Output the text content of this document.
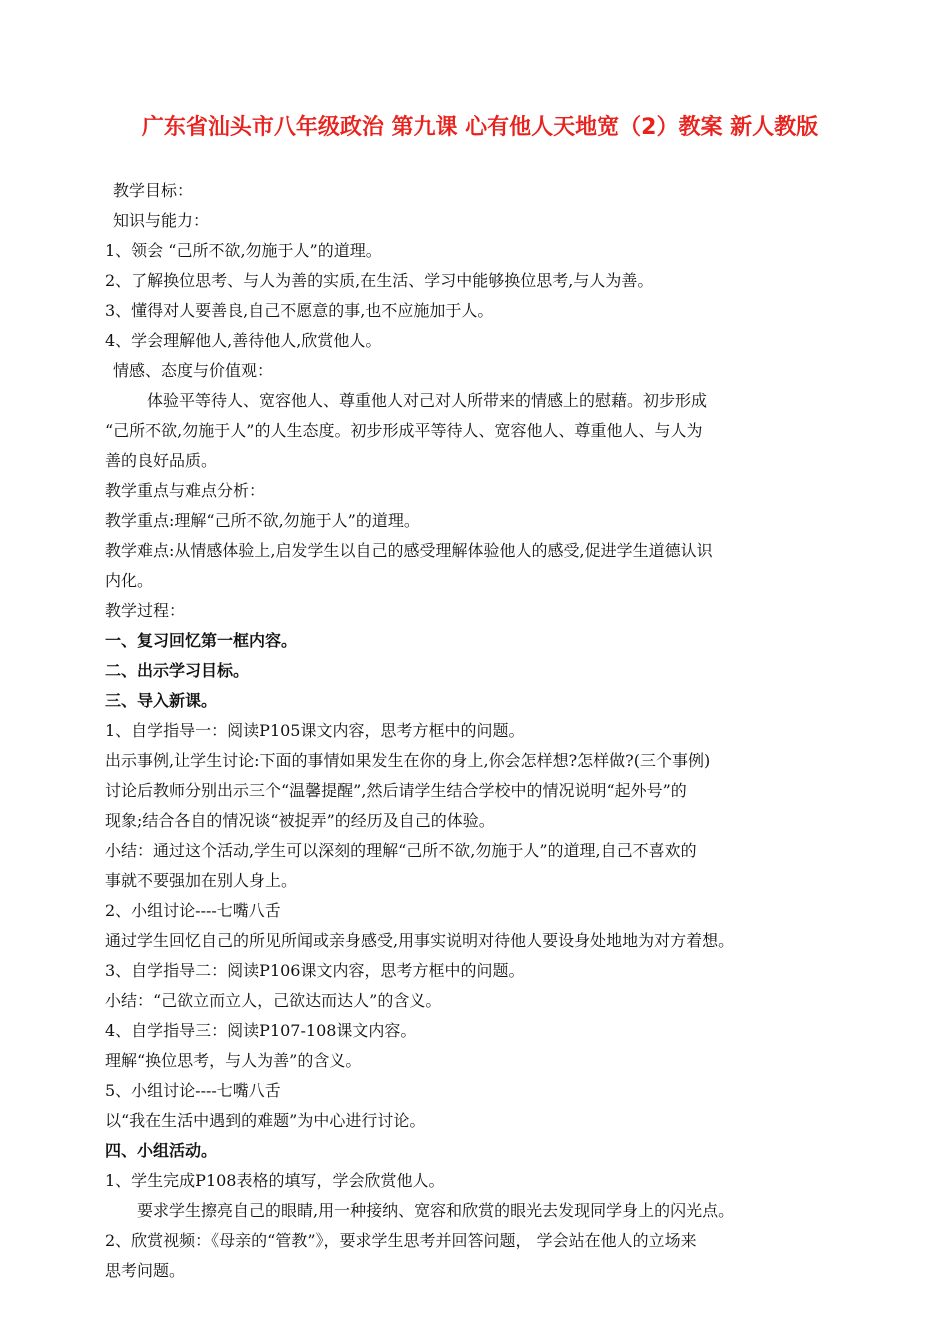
广东省汕头市八年级政治 第九课 心有他人天地宽（2）教案 新人教版
教学目标：
知识与能力：
1、领会 “己所不欲,勿施于人”的道理。
2、了解换位思考、与人为善的实质,在生活、学习中能够换位思考,与人为善。
3、懂得对人要善良,自己不愿意的事,也不应施加于人。
4、学会理解他人,善待他人,欣赏他人。
情感、态度与价值观：
体验平等待人、宽容他人、尊重他人对己对人所带来的情感上的慰藉。初步形成
“己所不欲,勿施于人”的人生态度。初步形成平等待人、宽容他人、尊重他人、与人为
善的良好品质。
教学重点与难点分析：
教学重点:理解“己所不欲,勿施于人”的道理。
教学难点:从情感体验上,启发学生以自己的感受理解体验他人的感受,促进学生道德认识
内化。
教学过程：
一、复习回忆第一框内容。
二、出示学习目标。
三、导入新课。
1、自学指导一：阅读P105课文内容，思考方框中的问题。
出示事例,让学生讨论:下面的事情如果发生在你的身上,你会怎样想?怎样做?(三个事例)
讨论后教师分别出示三个“温馨提醒”,然后请学生结合学校中的情况说明“起外号”的
现象;结合各自的情况谈“被捉弄”的经历及自己的体验。
小结：通过这个活动,学生可以深刻的理解“己所不欲,勿施于人”的道理,自己不喜欢的
事就不要强加在别人身上。
2、小组讨论----七嘴八舌
通过学生回忆自己的所见所闻或亲身感受,用事实说明对待他人要设身处地地为对方着想。
3、自学指导二：阅读P106课文内容，思考方框中的问题。
小结：“己欲立而立人，己欲达而达人”的含义。
4、自学指导三：阅读P107-108课文内容。
理解“换位思考，与人为善”的含义。
5、小组讨论----七嘴八舌
以“我在生活中遇到的难题”为中心进行讨论。
四、小组活动。
1、学生完成P108表格的填写，学会欣赏他人。
要求学生擦亮自己的眼睛,用一种接纳、宽容和欣赏的眼光去发现同学身上的闪光点。
2、欣赏视频：《母亲的“管教”》，要求学生思考并回答问题， 学会站在他人的立场来
思考问题。
